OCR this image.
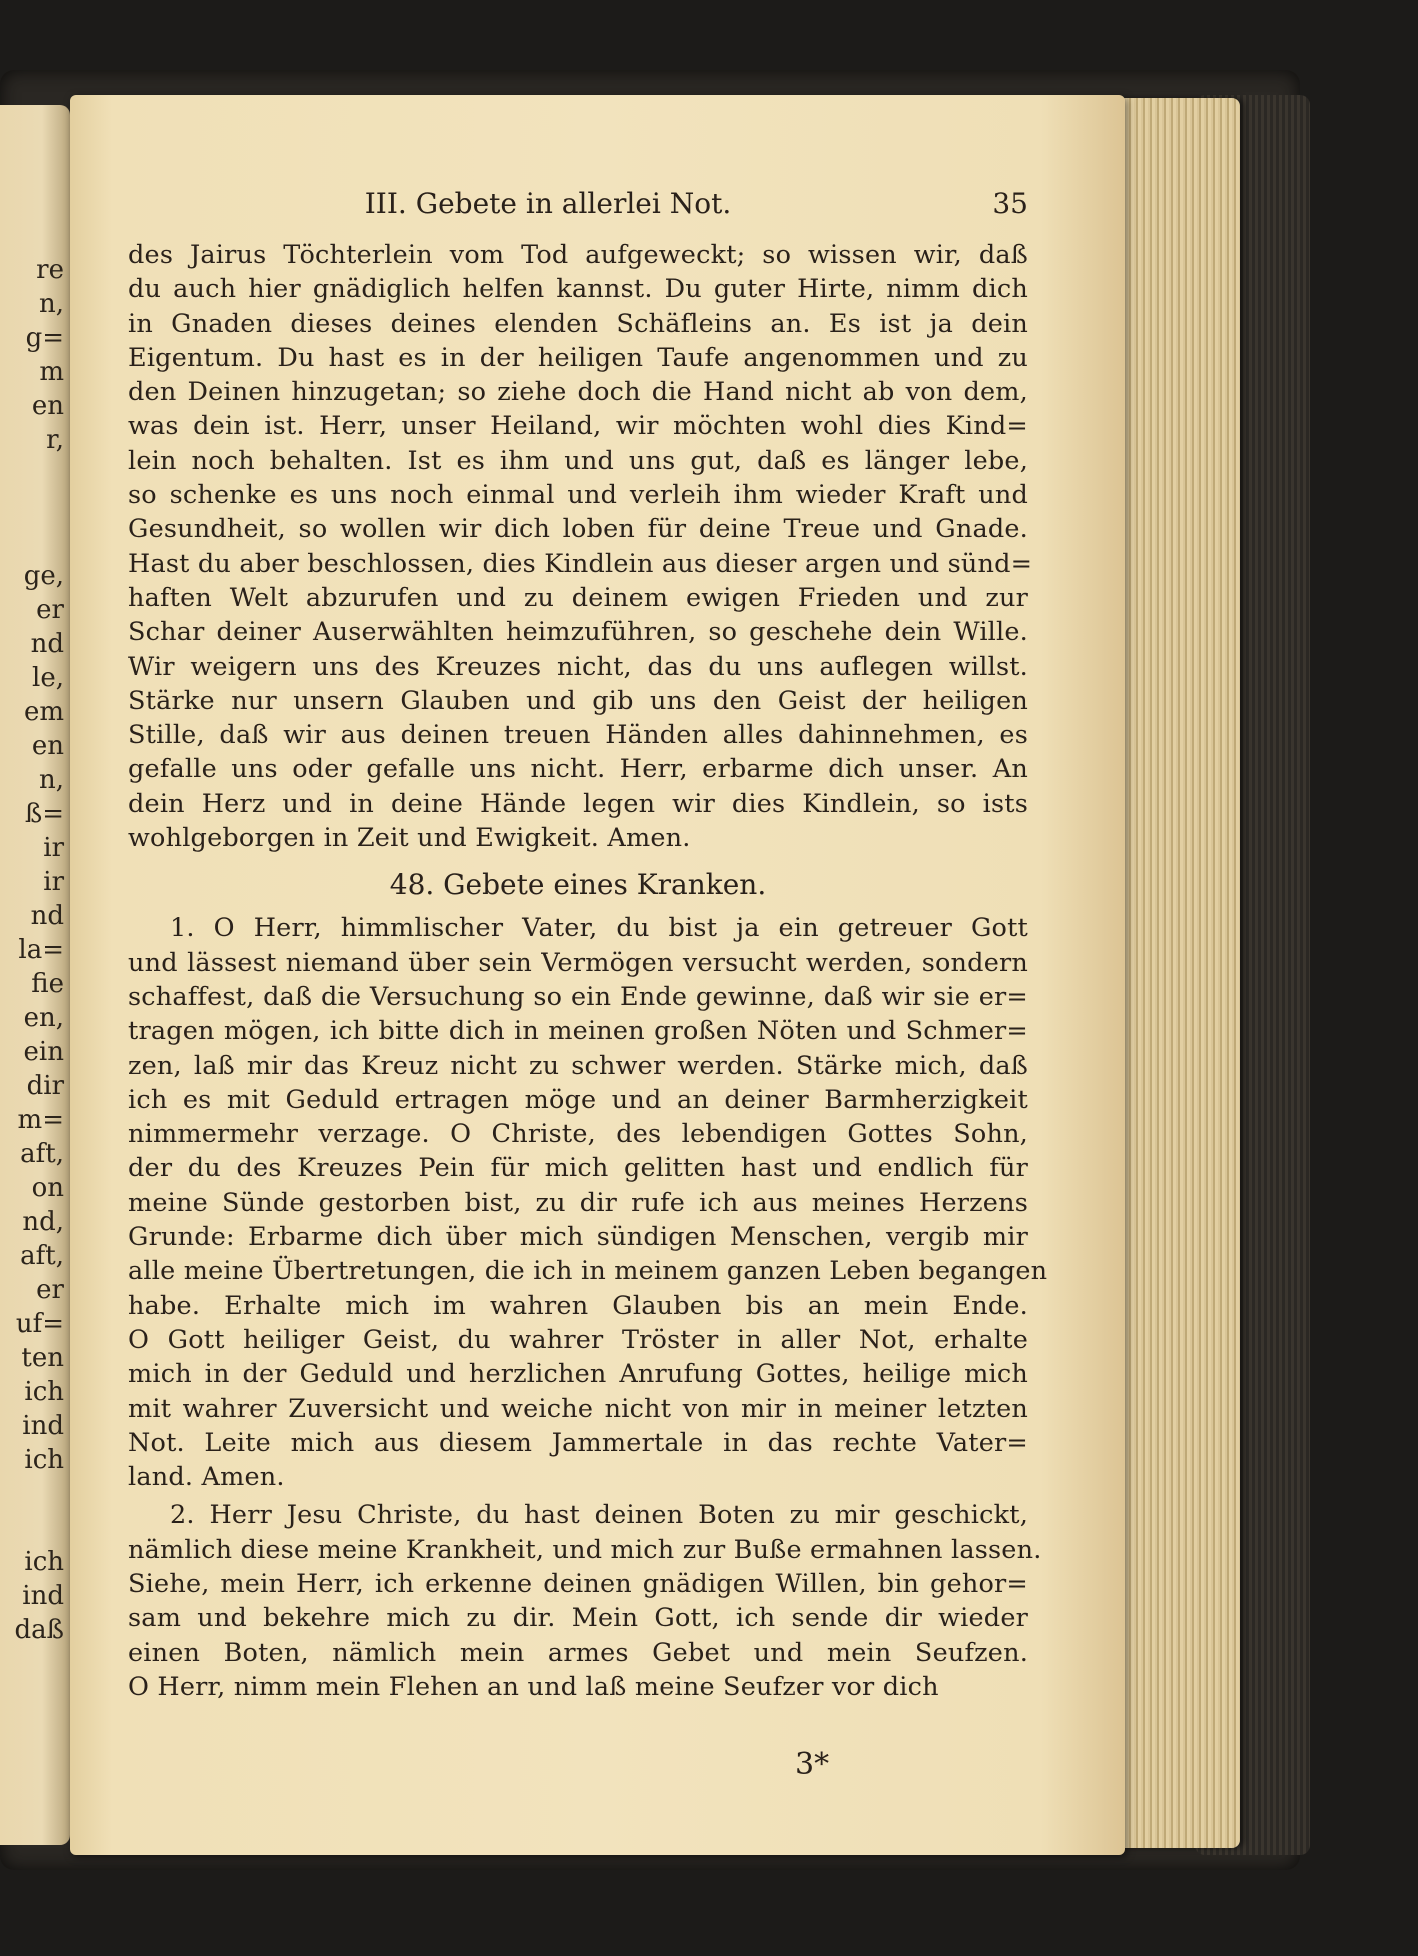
re
n,
g=
m
en
r,
ge,
er
nd
le,
em
en
n,
ß=
ir
ir
nd
la=
fie
en,
ein
dir
m=
aft,
on
nd,
aft,
er
uf=
ten
ich
ind
ich
ich
ind
daß
III. Gebete in allerlei Not.	35
des Jairus Töchterlein vom Tod aufgeweckt; so wissen wir, daß
du auch hier gnädiglich helfen kannst. Du guter Hirte, nimm dich
in Gnaden dieses deines elenden Schäfleins an. Es ist ja dein
Eigentum. Du hast es in der heiligen Taufe angenommen und zu
den Deinen hinzugetan; so ziehe doch die Hand nicht ab von dem,
was dein ist. Herr, unser Heiland, wir möchten wohl dies Kind=
lein noch behalten. Ist es ihm und uns gut, daß es länger lebe,
so schenke es uns noch einmal und verleih ihm wieder Kraft und
Gesundheit, so wollen wir dich loben für deine Treue und Gnade.
Hast du aber beschlossen, dies Kindlein aus dieser argen und sünd=
haften Welt abzurufen und zu deinem ewigen Frieden und zur
Schar deiner Auserwählten heimzuführen, so geschehe dein Wille.
Wir weigern uns des Kreuzes nicht, das du uns auflegen willst.
Stärke nur unsern Glauben und gib uns den Geist der heiligen
Stille, daß wir aus deinen treuen Händen alles dahinnehmen, es
gefalle uns oder gefalle uns nicht. Herr, erbarme dich unser. An
dein Herz und in deine Hände legen wir dies Kindlein, so ists
wohlgeborgen in Zeit und Ewigkeit. Amen.
48. Gebete eines Kranken.
1. O Herr, himmlischer Vater, du bist ja ein getreuer Gott
und lässest niemand über sein Vermögen versucht werden, sondern
schaffest, daß die Versuchung so ein Ende gewinne, daß wir sie er=
tragen mögen, ich bitte dich in meinen großen Nöten und Schmer=
zen, laß mir das Kreuz nicht zu schwer werden. Stärke mich, daß
ich es mit Geduld ertragen möge und an deiner Barmherzigkeit
nimmermehr verzage. O Christe, des lebendigen Gottes Sohn,
der du des Kreuzes Pein für mich gelitten hast und endlich für
meine Sünde gestorben bist, zu dir rufe ich aus meines Herzens
Grunde: Erbarme dich über mich sündigen Menschen, vergib mir
alle meine Übertretungen, die ich in meinem ganzen Leben begangen
habe. Erhalte mich im wahren Glauben bis an mein Ende.
O Gott heiliger Geist, du wahrer Tröster in aller Not, erhalte
mich in der Geduld und herzlichen Anrufung Gottes, heilige mich
mit wahrer Zuversicht und weiche nicht von mir in meiner letzten
Not. Leite mich aus diesem Jammertale in das rechte Vater=
land. Amen.
2. Herr Jesu Christe, du hast deinen Boten zu mir geschickt,
nämlich diese meine Krankheit, und mich zur Buße ermahnen lassen.
Siehe, mein Herr, ich erkenne deinen gnädigen Willen, bin gehor=
sam und bekehre mich zu dir. Mein Gott, ich sende dir wieder
einen Boten, nämlich mein armes Gebet und mein Seufzen.
O Herr, nimm mein Flehen an und laß meine Seufzer vor dich
3*
